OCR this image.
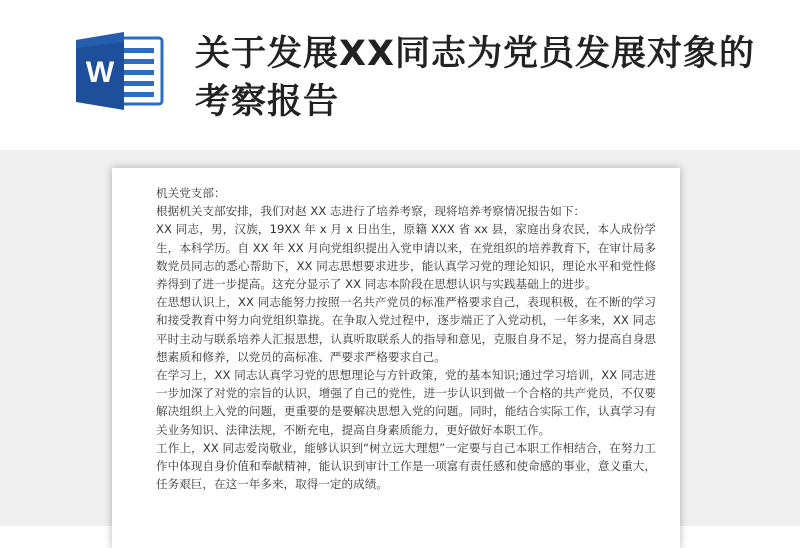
W 关于发展XX同志为党员发展对象的考察报告

机关党支部：

根据机关支部安排，我们对赵 XX 志进行了培养考察，现将培养考察情况报告如下：

XX 同志，男，汉族，19XX 年 x 月 x 日出生，原籍 XXX 省 xx 县，家庭出身农民，本人成份学生，本科学历。自 XX 年 XX 月向党组织提出入党申请以来，在党组织的培养教育下，在审计局多数党员同志的悉心帮助下，XX 同志思想要求进步，能认真学习党的理论知识，理论水平和党性修养得到了进一步提高。这充分显示了 XX 同志本阶段在思想认识与实践基础上的进步。

在思想认识上，XX 同志能努力按照一名共产党员的标准严格要求自己，表现积极，在不断的学习和接受教育中努力向党组织靠拢。在争取入党过程中，逐步端正了入党动机，一年多来，XX 同志平时主动与联系培养人汇报思想，认真听取联系人的指导和意见，克服自身不足，努力提高自身思想素质和修养，以党员的高标准、严要求严格要求自己。

在学习上，XX 同志认真学习党的思想理论与方针政策，党的基本知识;通过学习培训，XX 同志进一步加深了对党的宗旨的认识，增强了自己的党性，进一步认识到做一个合格的共产党员，不仅要解决组织上入党的问题，更重要的是要解决思想入党的问题。同时，能结合实际工作，认真学习有关业务知识、法律法规，不断充电，提高自身素质能力，更好做好本职工作。

工作上，XX 同志爱岗敬业，能够认识到“树立远大理想”一定要与自己本职工作相结合，在努力工作中体现自身价值和奉献精神，能认识到审计工作是一项富有责任感和使命感的事业，意义重大，任务艰巨，在这一年多来，取得一定的成绩。
